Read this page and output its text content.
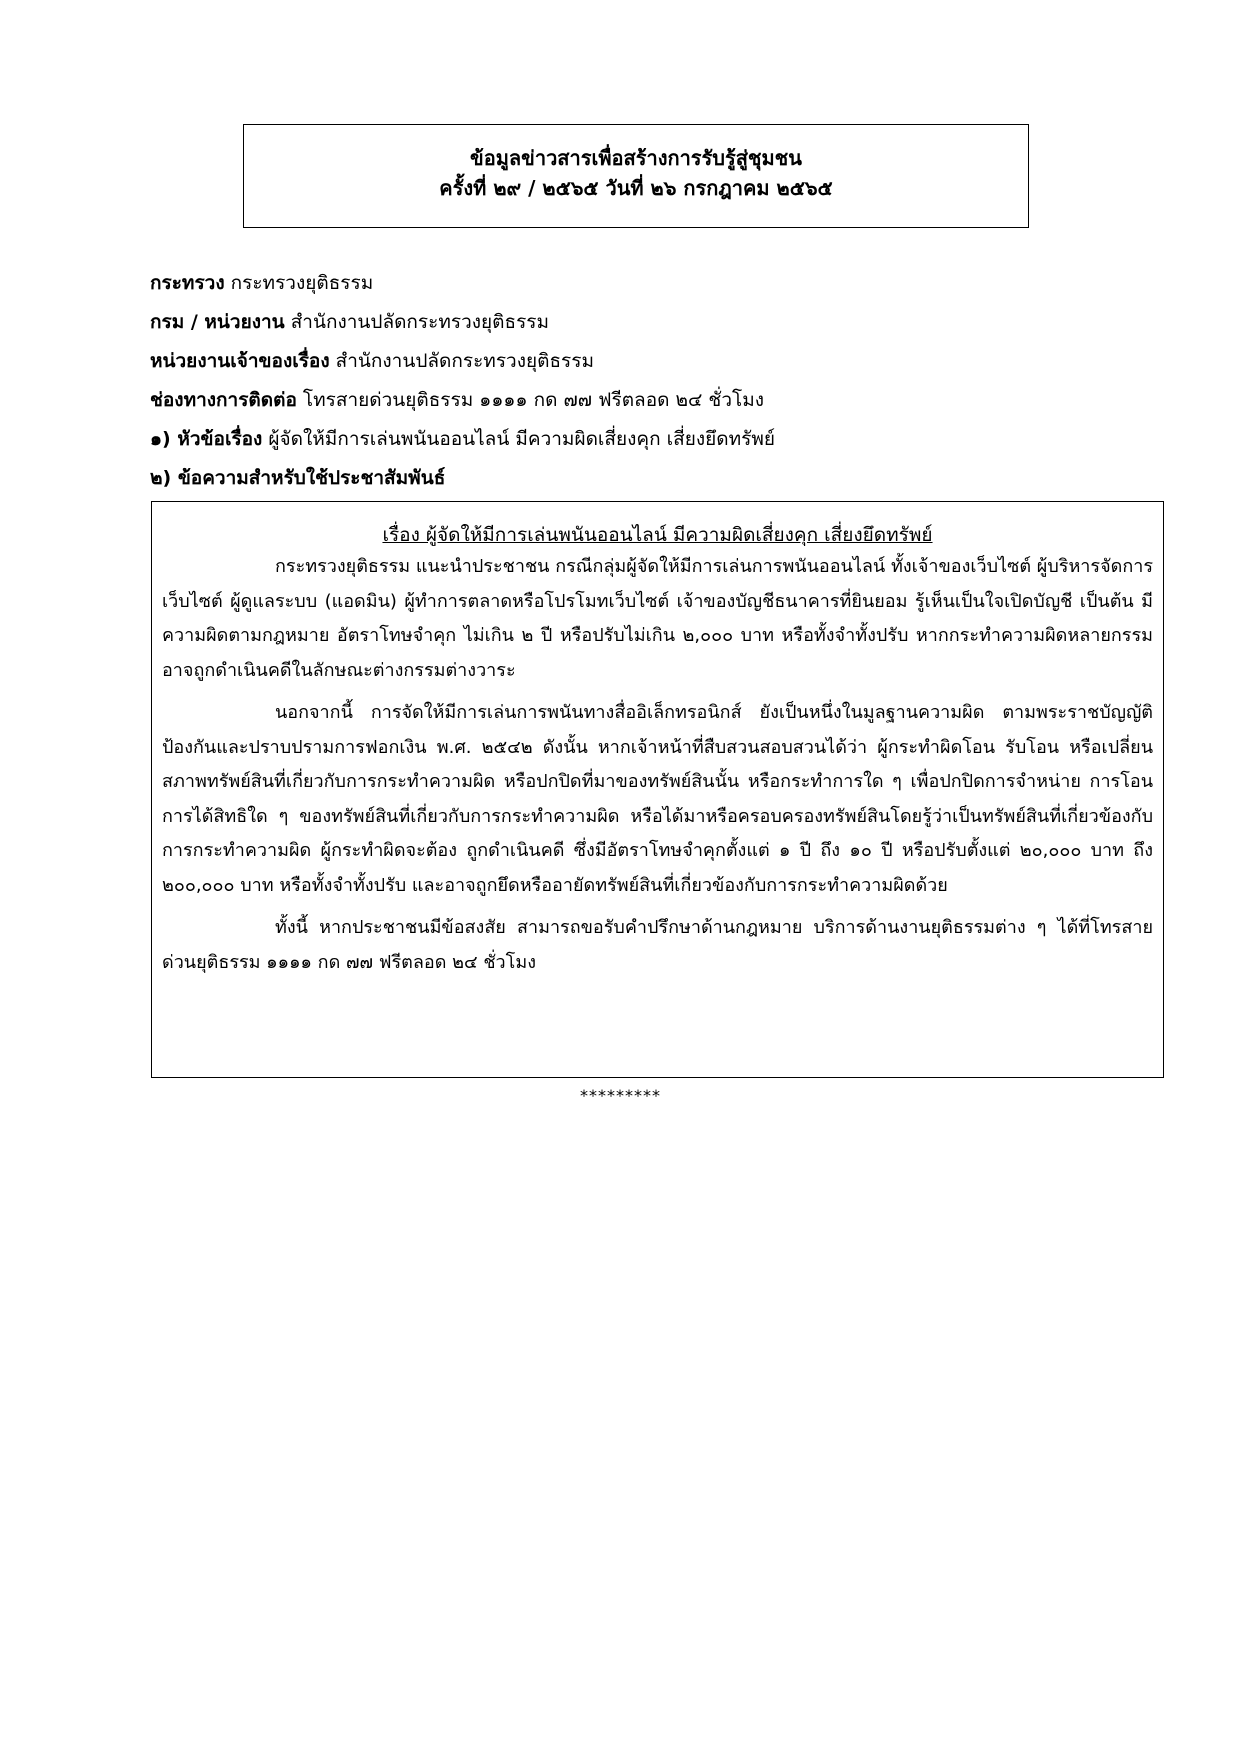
ข้อมูลข่าวสารเพื่อสร้างการรับรู้สู่ชุมชน
ครั้งที่ ๒๙ / ๒๕๖๕ วันที่ ๒๖ กรกฎาคม ๒๕๖๕
กระทรวง กระทรวงยุติธรรม
กรม / หน่วยงาน สำนักงานปลัดกระทรวงยุติธรรม
หน่วยงานเจ้าของเรื่อง สำนักงานปลัดกระทรวงยุติธรรม
ช่องทางการติดต่อ โทรสายด่วนยุติธรรม ๑๑๑๑ กด ๗๗ ฟรีตลอด ๒๔ ชั่วโมง
๑) หัวข้อเรื่อง ผู้จัดให้มีการเล่นพนันออนไลน์ มีความผิดเสี่ยงคุก เสี่ยงยึดทรัพย์
๒) ข้อความสำหรับใช้ประชาสัมพันธ์
เรื่อง ผู้จัดให้มีการเล่นพนันออนไลน์ มีความผิดเสี่ยงคุก เสี่ยงยึดทรัพย์

กระทรวงยุติธรรม แนะนำประชาชน กรณีกลุ่มผู้จัดให้มีการเล่นการพนันออนไลน์ ทั้งเจ้าของเว็บไซต์ ผู้บริหารจัดการเว็บไซต์ ผู้ดูแลระบบ (แอดมิน) ผู้ทำการตลาดหรือโปรโมทเว็บไซต์ เจ้าของบัญชีธนาคารที่ยินยอม รู้เห็นเป็นใจเปิดบัญชี เป็นต้น มีความผิดตามกฎหมาย อัตราโทษจำคุก ไม่เกิน ๒ ปี หรือปรับไม่เกิน ๒,๐๐๐ บาท หรือทั้งจำทั้งปรับ หากกระทำความผิดหลายกรรม อาจถูกดำเนินคดีในลักษณะต่างกรรมต่างวาระ

นอกจากนี้ การจัดให้มีการเล่นการพนันทางสื่ออิเล็กทรอนิกส์ ยังเป็นหนึ่งในมูลฐานความผิด ตามพระราชบัญญัติป้องกันและปราบปรามการฟอกเงิน พ.ศ. ๒๕๔๒ ดังนั้น หากเจ้าหน้าที่สืบสวนสอบสวนได้ว่า ผู้กระทำผิดโอน รับโอน หรือเปลี่ยนสภาพทรัพย์สินที่เกี่ยวกับการกระทำความผิด หรือปกปิดที่มาของทรัพย์สินนั้น หรือกระทำการใด ๆ เพื่อปกปิดการจำหน่าย การโอน การได้สิทธิใด ๆ ของทรัพย์สินที่เกี่ยวกับการกระทำความผิด หรือได้มาหรือครอบครองทรัพย์สินโดยรู้ว่าเป็นทรัพย์สินที่เกี่ยวข้องกับการกระทำความผิด ผู้กระทำผิดจะต้อง ถูกดำเนินคดี ซึ่งมีอัตราโทษจำคุกตั้งแต่ ๑ ปี ถึง ๑๐ ปี หรือปรับตั้งแต่ ๒๐,๐๐๐ บาท ถึง ๒๐๐,๐๐๐ บาท หรือทั้งจำทั้งปรับ และอาจถูกยึดหรืออายัดทรัพย์สินที่เกี่ยวข้องกับการกระทำความผิดด้วย

ทั้งนี้ หากประชาชนมีข้อสงสัย สามารถขอรับคำปรึกษาด้านกฎหมาย บริการด้านงานยุติธรรมต่าง ๆ ได้ที่โทรสายด่วนยุติธรรม ๑๑๑๑ กด ๗๗ ฟรีตลอด ๒๔ ชั่วโมง

*********
